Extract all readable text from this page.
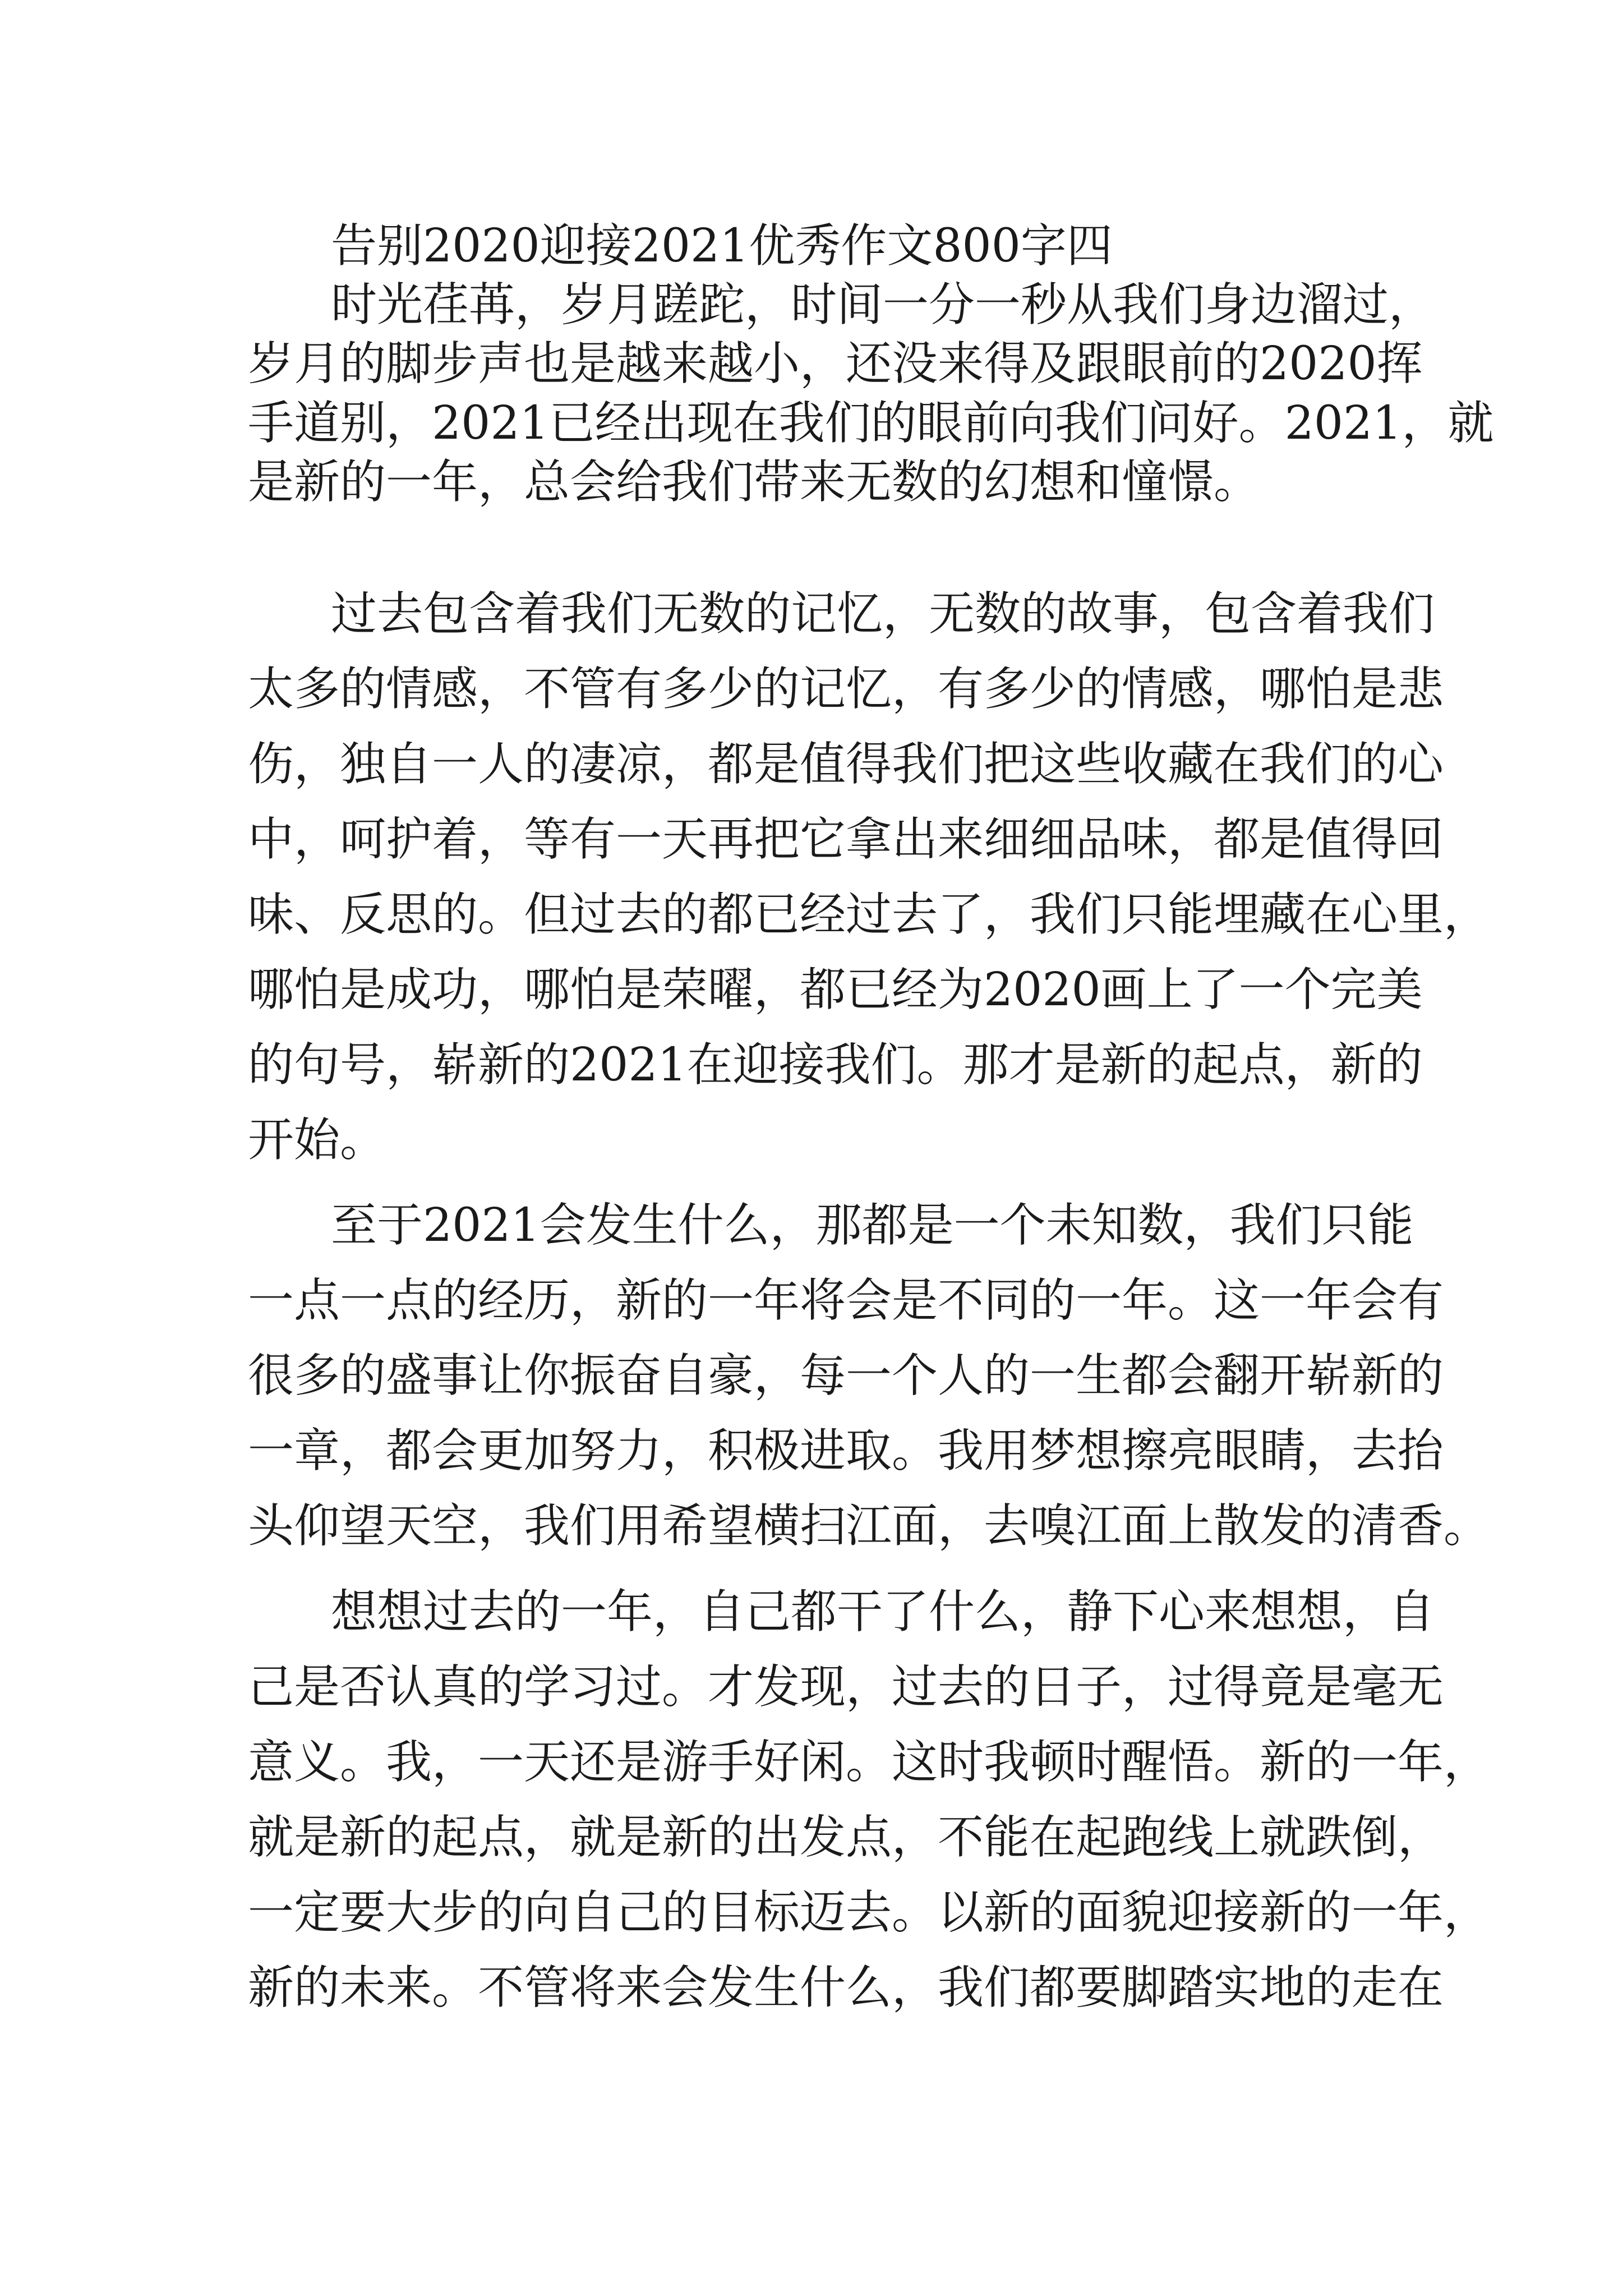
告别2020迎接2021优秀作文800字四

时光荏苒，岁月蹉跎，时间一分一秒从我们身边溜过，

岁月的脚步声也是越来越小，还没来得及跟眼前的2020挥

手道别，2021已经出现在我们的眼前向我们问好。2021，就

是新的一年，总会给我们带来无数的幻想和憧憬。

过去包含着我们无数的记忆，无数的故事，包含着我们

太多的情感，不管有多少的记忆，有多少的情感，哪怕是悲

伤，独自一人的凄凉，都是值得我们把这些收藏在我们的心

中，呵护着，等有一天再把它拿出来细细品味，都是值得回

味、反思的。但过去的都已经过去了，我们只能埋藏在心里，

哪怕是成功，哪怕是荣曜，都已经为2020画上了一个完美

的句号，崭新的2021在迎接我们。那才是新的起点，新的

开始。

至于2021会发生什么，那都是一个未知数，我们只能

一点一点的经历，新的一年将会是不同的一年。这一年会有

很多的盛事让你振奋自豪，每一个人的一生都会翻开崭新的

一章，都会更加努力，积极进取。我用梦想擦亮眼睛，去抬

头仰望天空，我们用希望横扫江面，去嗅江面上散发的清香。

想想过去的一年，自己都干了什么，静下心来想想，自

己是否认真的学习过。才发现，过去的日子，过得竟是毫无

意义。我，一天还是游手好闲。这时我顿时醒悟。新的一年，

就是新的起点，就是新的出发点，不能在起跑线上就跌倒，

一定要大步的向自己的目标迈去。以新的面貌迎接新的一年，

新的未来。不管将来会发生什么，我们都要脚踏实地的走在
